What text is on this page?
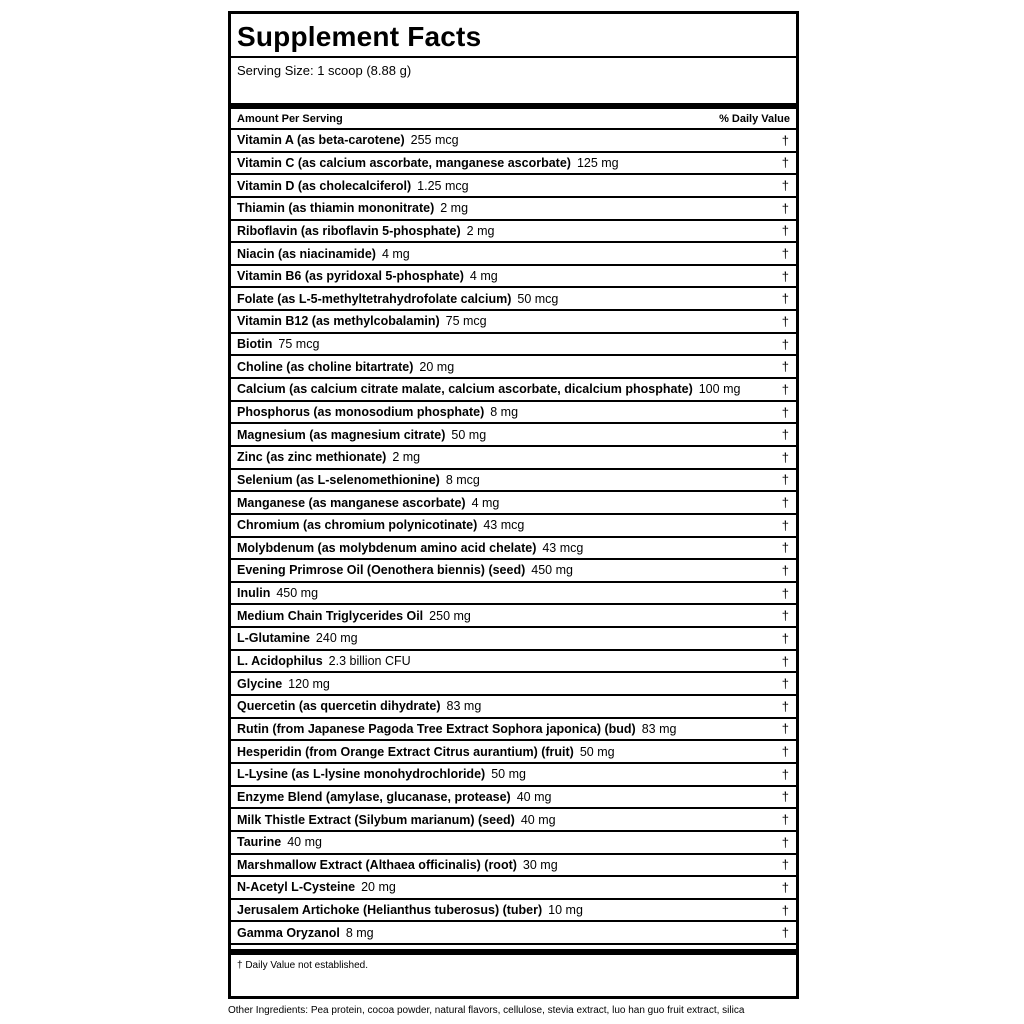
Supplement Facts
Serving Size: 1 scoop (8.88 g)
Amount Per Serving	% Daily Value
Vitamin A (as beta-carotene) 255 mcg	†
Vitamin C (as calcium ascorbate, manganese ascorbate) 125 mg	†
Vitamin D (as cholecalciferol) 1.25 mcg	†
Thiamin (as thiamin mononitrate) 2 mg	†
Riboflavin (as riboflavin 5-phosphate) 2 mg	†
Niacin (as niacinamide) 4 mg	†
Vitamin B6 (as pyridoxal 5-phosphate) 4 mg	†
Folate (as L-5-methyltetrahydrofolate calcium) 50 mcg	†
Vitamin B12 (as methylcobalamin) 75 mcg	†
Biotin 75 mcg	†
Choline (as choline bitartrate) 20 mg	†
Calcium (as calcium citrate malate, calcium ascorbate, dicalcium phosphate) 100 mg	†
Phosphorus (as monosodium phosphate) 8 mg	†
Magnesium (as magnesium citrate) 50 mg	†
Zinc (as zinc methionate) 2 mg	†
Selenium (as L-selenomethionine) 8 mcg	†
Manganese (as manganese ascorbate) 4 mg	†
Chromium (as chromium polynicotinate) 43 mcg	†
Molybdenum (as molybdenum amino acid chelate) 43 mcg	†
Evening Primrose Oil (Oenothera biennis) (seed) 450 mg	†
Inulin 450 mg	†
Medium Chain Triglycerides Oil 250 mg	†
L-Glutamine 240 mg	†
L. Acidophilus 2.3 billion CFU	†
Glycine 120 mg	†
Quercetin (as quercetin dihydrate) 83 mg	†
Rutin (from Japanese Pagoda Tree Extract Sophora japonica) (bud) 83 mg	†
Hesperidin (from Orange Extract Citrus aurantium) (fruit) 50 mg	†
L-Lysine (as L-lysine monohydrochloride) 50 mg	†
Enzyme Blend (amylase, glucanase, protease) 40 mg	†
Milk Thistle Extract (Silybum marianum) (seed) 40 mg	†
Taurine 40 mg	†
Marshmallow Extract (Althaea officinalis) (root) 30 mg	†
N-Acetyl L-Cysteine 20 mg	†
Jerusalem Artichoke (Helianthus tuberosus) (tuber) 10 mg	†
Gamma Oryzanol 8 mg	†
† Daily Value not established.
Other Ingredients: Pea protein, cocoa powder, natural flavors, cellulose, stevia extract, luo han guo fruit extract, silica
